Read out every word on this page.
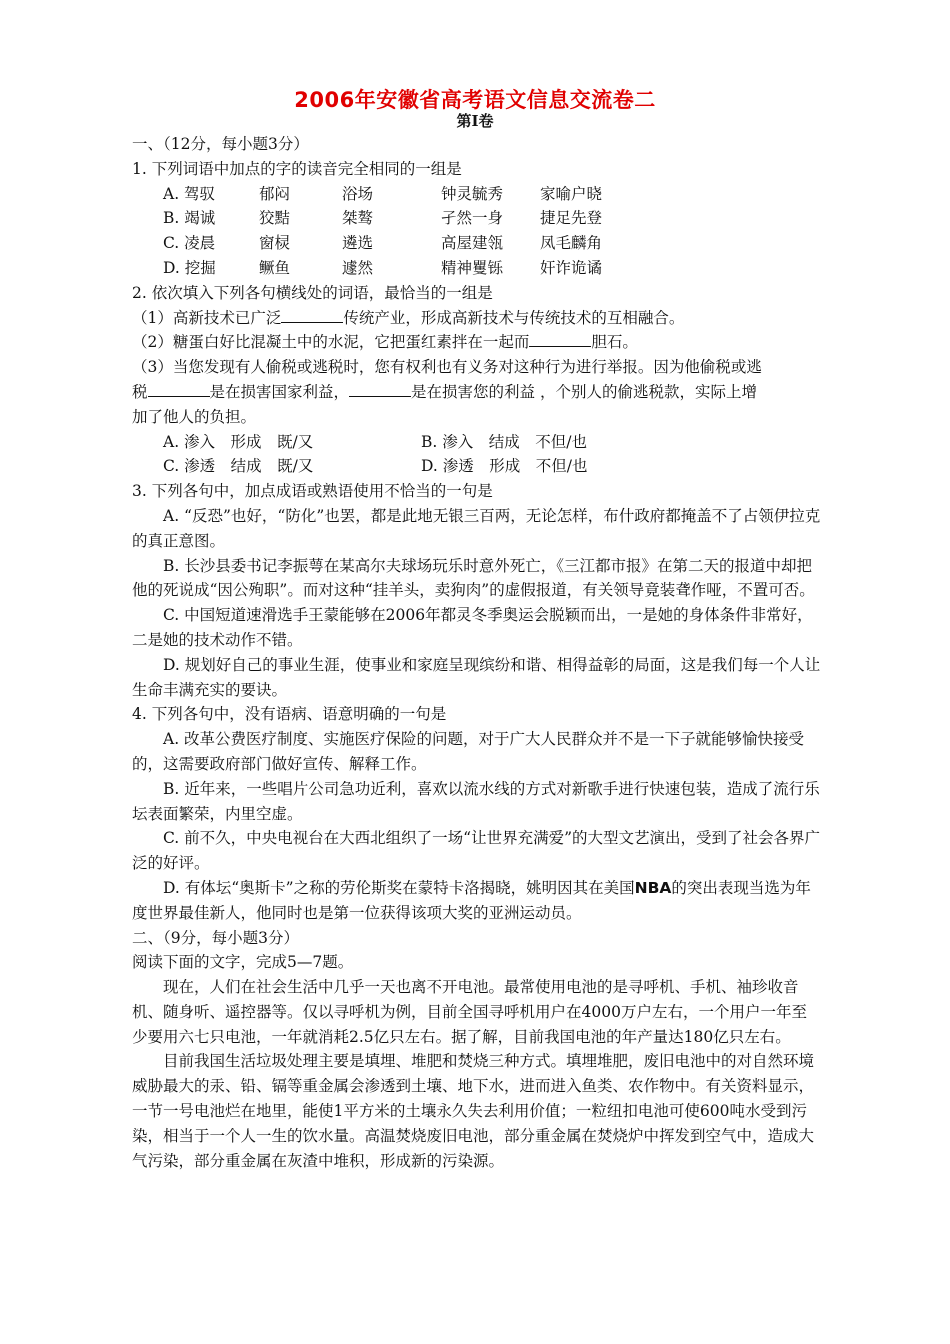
2006年安徽省高考语文信息交流卷二
第Ⅰ卷
一、（12分，每小题3分）
1. 下列词语中加点的字的读音完全相同的一组是
A. 驾驭	郁闷	浴场	钟灵毓秀	家喻户晓
B. 竭诚	狡黠	桀骜	孑然一身	捷足先登
C. 凌晨	窗棂	遴选	高屋建瓴	凤毛麟角
D. 挖掘	鳜鱼	遽然	精神矍铄	奸诈诡谲
2. 依次填入下列各句横线处的词语，最恰当的一组是
（1）高新技术已广泛	传统产业，形成高新技术与传统技术的互相融合。
（2）糖蛋白好比混凝土中的水泥，它把蛋红素拌在一起而	胆石。
（3）当您发现有人偷税或逃税时，您有权利也有义务对这种行为进行举报。因为他偷税或逃
税	是在损害国家利益，	是在损害您的利益 ，个别人的偷逃税款，实际上增
加了他人的负担。
A. 渗入　形成　既/又	B. 渗入　结成　不但/也
C. 渗透　结成　既/又	D. 渗透　形成　不但/也
3. 下列各句中，加点成语或熟语使用不恰当的一句是
A. “反恐”也好，“防化”也罢，都是此地无银三百两，无论怎样，布什政府都掩盖不了占领伊拉克的真正意图。
B. 长沙县委书记李振萼在某高尔夫球场玩乐时意外死亡，《三江都市报》在第二天的报道中却把他的死说成“因公殉职”。而对这种“挂羊头，卖狗肉”的虚假报道，有关领导竟装聋作哑，不置可否。
C. 中国短道速滑选手王蒙能够在2006年都灵冬季奥运会脱颖而出，一是她的身体条件非常好，二是她的技术动作不错。
D. 规划好自己的事业生涯，使事业和家庭呈现缤纷和谐、相得益彰的局面，这是我们每一个人让生命丰满充实的要诀。
4. 下列各句中，没有语病、语意明确的一句是
A. 改革公费医疗制度、实施医疗保险的问题，对于广大人民群众并不是一下子就能够愉快接受的，这需要政府部门做好宣传、解释工作。
B. 近年来，一些唱片公司急功近利，喜欢以流水线的方式对新歌手进行快速包装，造成了流行乐坛表面繁荣，内里空虚。
C. 前不久，中央电视台在大西北组织了一场“让世界充满爱”的大型文艺演出，受到了社会各界广泛的好评。
D. 有体坛“奥斯卡”之称的劳伦斯奖在蒙特卡洛揭晓，姚明因其在美国NBA的突出表现当选为年度世界最佳新人，他同时也是第一位获得该项大奖的亚洲运动员。
二、（9分，每小题3分）
阅读下面的文字，完成5—7题。
现在，人们在社会生活中几乎一天也离不开电池。最常使用电池的是寻呼机、手机、袖珍收音机、随身听、遥控器等。仅以寻呼机为例，目前全国寻呼机用户在4000万户左右，一个用户一年至少要用六七只电池，一年就消耗2.5亿只左右。据了解，目前我国电池的年产量达180亿只左右。
目前我国生活垃圾处理主要是填埋、堆肥和焚烧三种方式。填埋堆肥，废旧电池中的对自然环境威胁最大的汞、铅、镉等重金属会渗透到土壤、地下水，进而进入鱼类、农作物中。有关资料显示，一节一号电池烂在地里，能使1平方米的土壤永久失去利用价值；一粒纽扣电池可使600吨水受到污染，相当于一个人一生的饮水量。高温焚烧废旧电池，部分重金属在焚烧炉中挥发到空气中，造成大气污染，部分重金属在灰渣中堆积，形成新的污染源。
